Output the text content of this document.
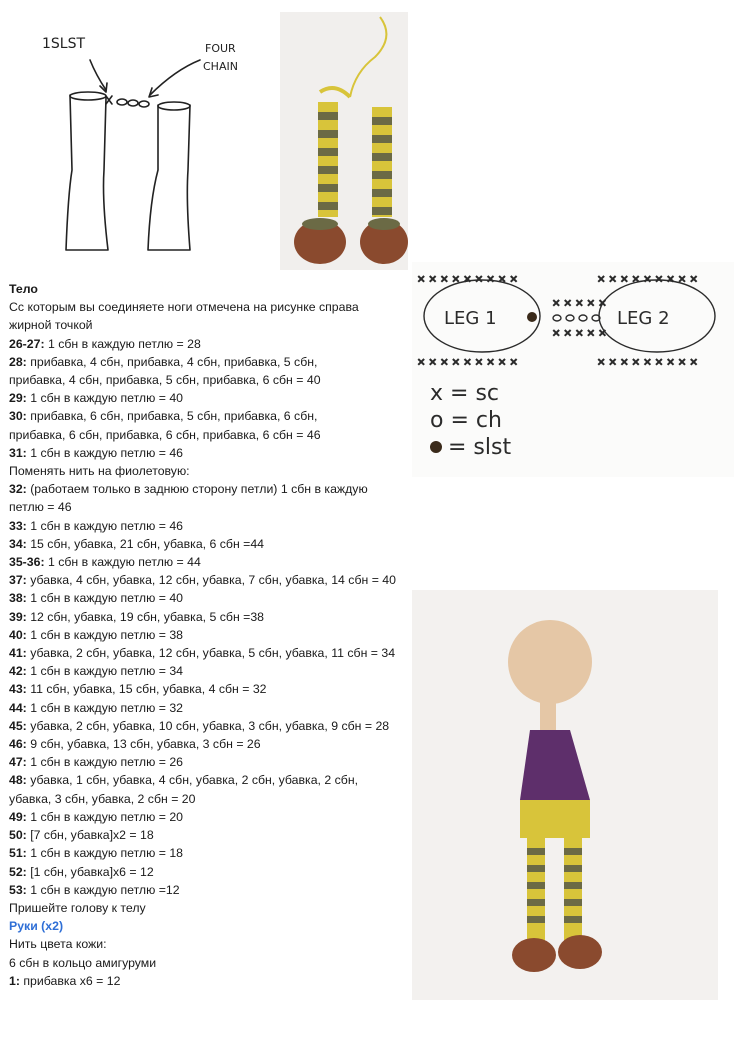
1SLST	FOUR
CHAIN
× × × × × × × × ×
× × × × × × × × ×
× × × × × × × × ×
× × × × × × × × ×
× × × × ×
× × × × ×
LEG 1	LEG 2
x = sc
o = ch
= slst
Тело
Сс которым вы соединяете ноги отмечена на рисунке справа жирной точкой
26-27: 1 сбн в каждую петлю = 28
28: прибавка, 4 сбн, прибавка, 4 сбн, прибавка, 5 сбн, прибавка, 4 сбн, прибавка, 5 сбн, прибавка, 6 сбн = 40
29: 1 сбн в каждую петлю = 40
30: прибавка, 6 сбн, прибавка, 5 сбн, прибавка, 6 сбн, прибавка, 6 сбн, прибавка, 6 сбн, прибавка, 6 сбн = 46
31: 1 сбн в каждую петлю = 46
Поменять нить на фиолетовую:
32: (работаем только в заднюю сторону петли) 1 сбн в каждую петлю = 46
33: 1 сбн в каждую петлю = 46
34: 15 сбн, убавка, 21 сбн, убавка, 6 сбн =44
35-36: 1 сбн в каждую петлю = 44
37: убавка, 4 сбн, убавка, 12 сбн, убавка, 7 сбн, убавка, 14 сбн = 40
38: 1 сбн в каждую петлю = 40
39: 12 сбн, убавка, 19 сбн, убавка, 5 сбн =38
40: 1 сбн в каждую петлю = 38
41: убавка, 2 сбн, убавка, 12 сбн, убавка, 5 сбн, убавка, 11 сбн = 34
42: 1 сбн в каждую петлю = 34
43: 11 сбн, убавка, 15 сбн, убавка, 4 сбн = 32
44: 1 сбн в каждую петлю = 32
45: убавка, 2 сбн, убавка, 10 сбн, убавка, 3 сбн, убавка, 9 сбн = 28
46: 9 сбн, убавка, 13 сбн, убавка, 3 сбн = 26
47: 1 сбн в каждую петлю = 26
48: убавка, 1 сбн, убавка, 4 сбн, убавка, 2 сбн, убавка, 2 сбн, убавка, 3 сбн, убавка, 2 сбн = 20
49: 1 сбн в каждую петлю = 20
50: [7 сбн, убавка]x2 = 18
51: 1 сбн в каждую петлю = 18
52: [1 сбн, убавка]x6 = 12
53: 1 сбн в каждую петлю =12
Пришейте голову к телу
Руки (x2)
Нить цвета кожи:
6 сбн в кольцо амигуруми
1: прибавка x6 = 12
